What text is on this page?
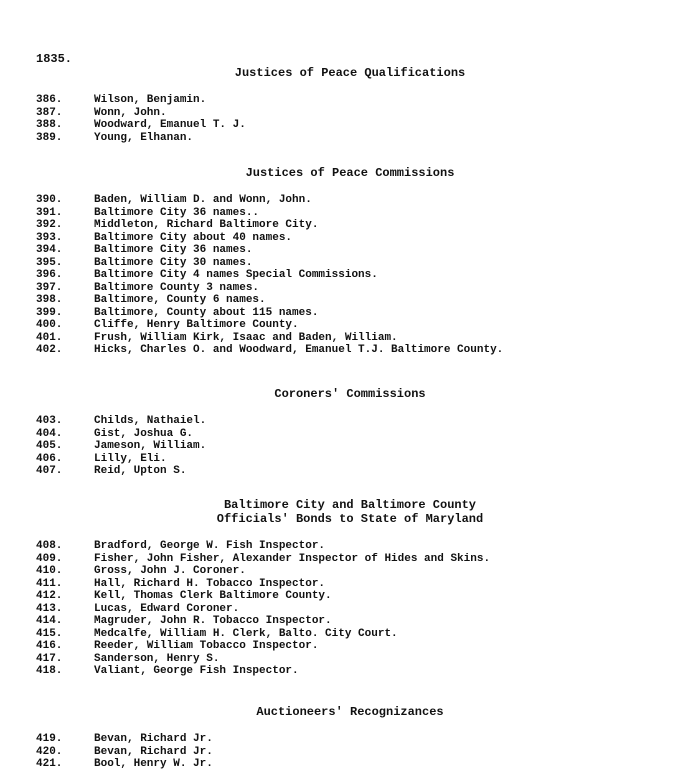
1835.
Justices of Peace Qualifications
386.	Wilson, Benjamin.
387.	Wonn, John.
388.	Woodward, Emanuel T. J.
389.	Young, Elhanan.
Justices of Peace Commissions
390.	Baden, William D. and Wonn, John.
391.	Baltimore City 36 names..
392.	Middleton, Richard Baltimore City.
393.	Baltimore City about 40 names.
394.	Baltimore City 36 names.
395.	Baltimore City 30 names.
396.	Baltimore City 4 names Special Commissions.
397.	Baltimore County 3 names.
398.	Baltimore, County 6 names.
399.	Baltimore, County about 115 names.
400.	Cliffe, Henry Baltimore County.
401.	Frush, William Kirk, Isaac and Baden, William.
402.	Hicks, Charles O. and Woodward, Emanuel T.J. Baltimore County.
Coroners' Commissions
403.	Childs, Nathaiel.
404.	Gist, Joshua G.
405.	Jameson, William.
406.	Lilly, Eli.
407.	Reid, Upton S.
Baltimore City and Baltimore County
Officials' Bonds to State of Maryland
408.	Bradford, George W. Fish Inspector.
409.	Fisher, John Fisher, Alexander Inspector of Hides and Skins.
410.	Gross, John J. Coroner.
411.	Hall, Richard H. Tobacco Inspector.
412.	Kell, Thomas Clerk Baltimore County.
413.	Lucas, Edward Coroner.
414.	Magruder, John R. Tobacco Inspector.
415.	Medcalfe, William H. Clerk, Balto. City Court.
416.	Reeder, William Tobacco Inspector.
417.	Sanderson, Henry S.
418.	Valiant, George Fish Inspector.
Auctioneers' Recognizances
419.	Bevan, Richard Jr.
420.	Bevan, Richard Jr.
421.	Bool, Henry W. Jr.
